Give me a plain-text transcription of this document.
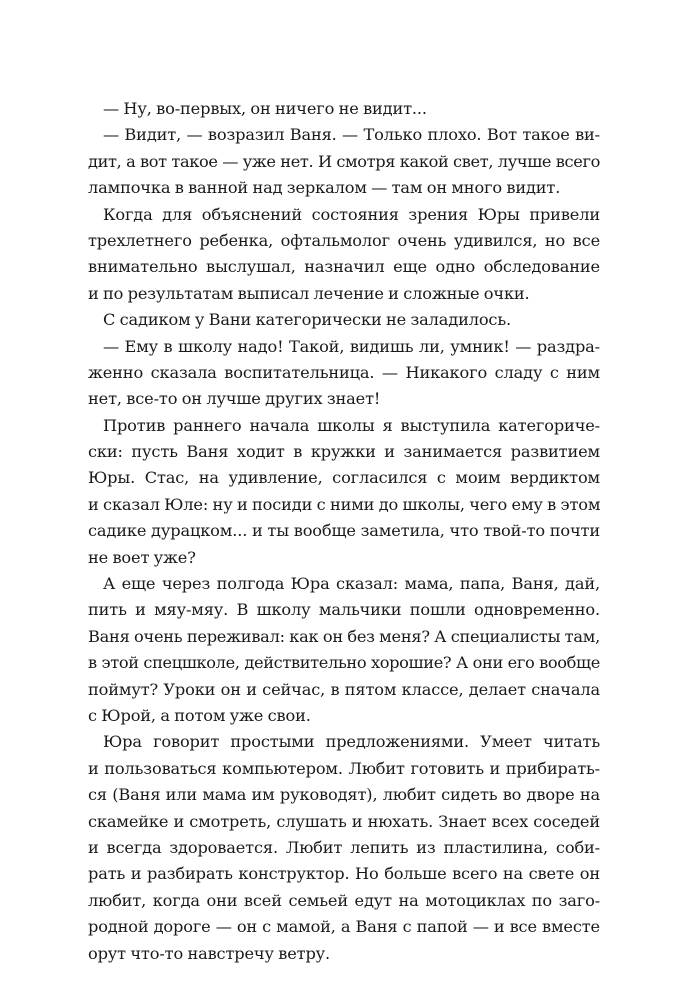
— Ну, во-первых, он ничего не видит...
— Видит, — возразил Ваня. — Только плохо. Вот такое ви-
дит, а вот такое — уже нет. И смотря какой свет, лучше всего
лампочка в ванной над зеркалом — там он много видит.
Когда для объяснений состояния зрения Юры привели
трехлетнего ребенка, офтальмолог очень удивился, но все
внимательно выслушал, назначил еще одно обследование
и по результатам выписал лечение и сложные очки.
С садиком у Вани категорически не заладилось.
— Ему в школу надо! Такой, видишь ли, умник! — раздра-
женно сказала воспитательница. — Никакого сладу с ним
нет, все-то он лучше других знает!
Против раннего начала школы я выступила категориче-
ски: пусть Ваня ходит в кружки и занимается развитием
Юры. Стас, на удивление, согласился с моим вердиктом
и сказал Юле: ну и посиди с ними до школы, чего ему в этом
садике дурацком... и ты вообще заметила, что твой-то почти
не воет уже?
А еще через полгода Юра сказал: мама, папа, Ваня, дай,
пить и мяу-мяу. В школу мальчики пошли одновременно.
Ваня очень переживал: как он без меня? А специалисты там,
в этой спецшколе, действительно хорошие? А они его вообще
поймут? Уроки он и сейчас, в пятом классе, делает сначала
с Юрой, а потом уже свои.
Юра говорит простыми предложениями. Умеет читать
и пользоваться компьютером. Любит готовить и прибирать-
ся (Ваня или мама им руководят), любит сидеть во дворе на
скамейке и смотреть, слушать и нюхать. Знает всех соседей
и всегда здоровается. Любит лепить из пластилина, соби-
рать и разбирать конструктор. Но больше всего на свете он
любит, когда они всей семьей едут на мотоциклах по заго-
родной дороге — он с мамой, а Ваня с папой — и все вместе
орут что-то навстречу ветру.
